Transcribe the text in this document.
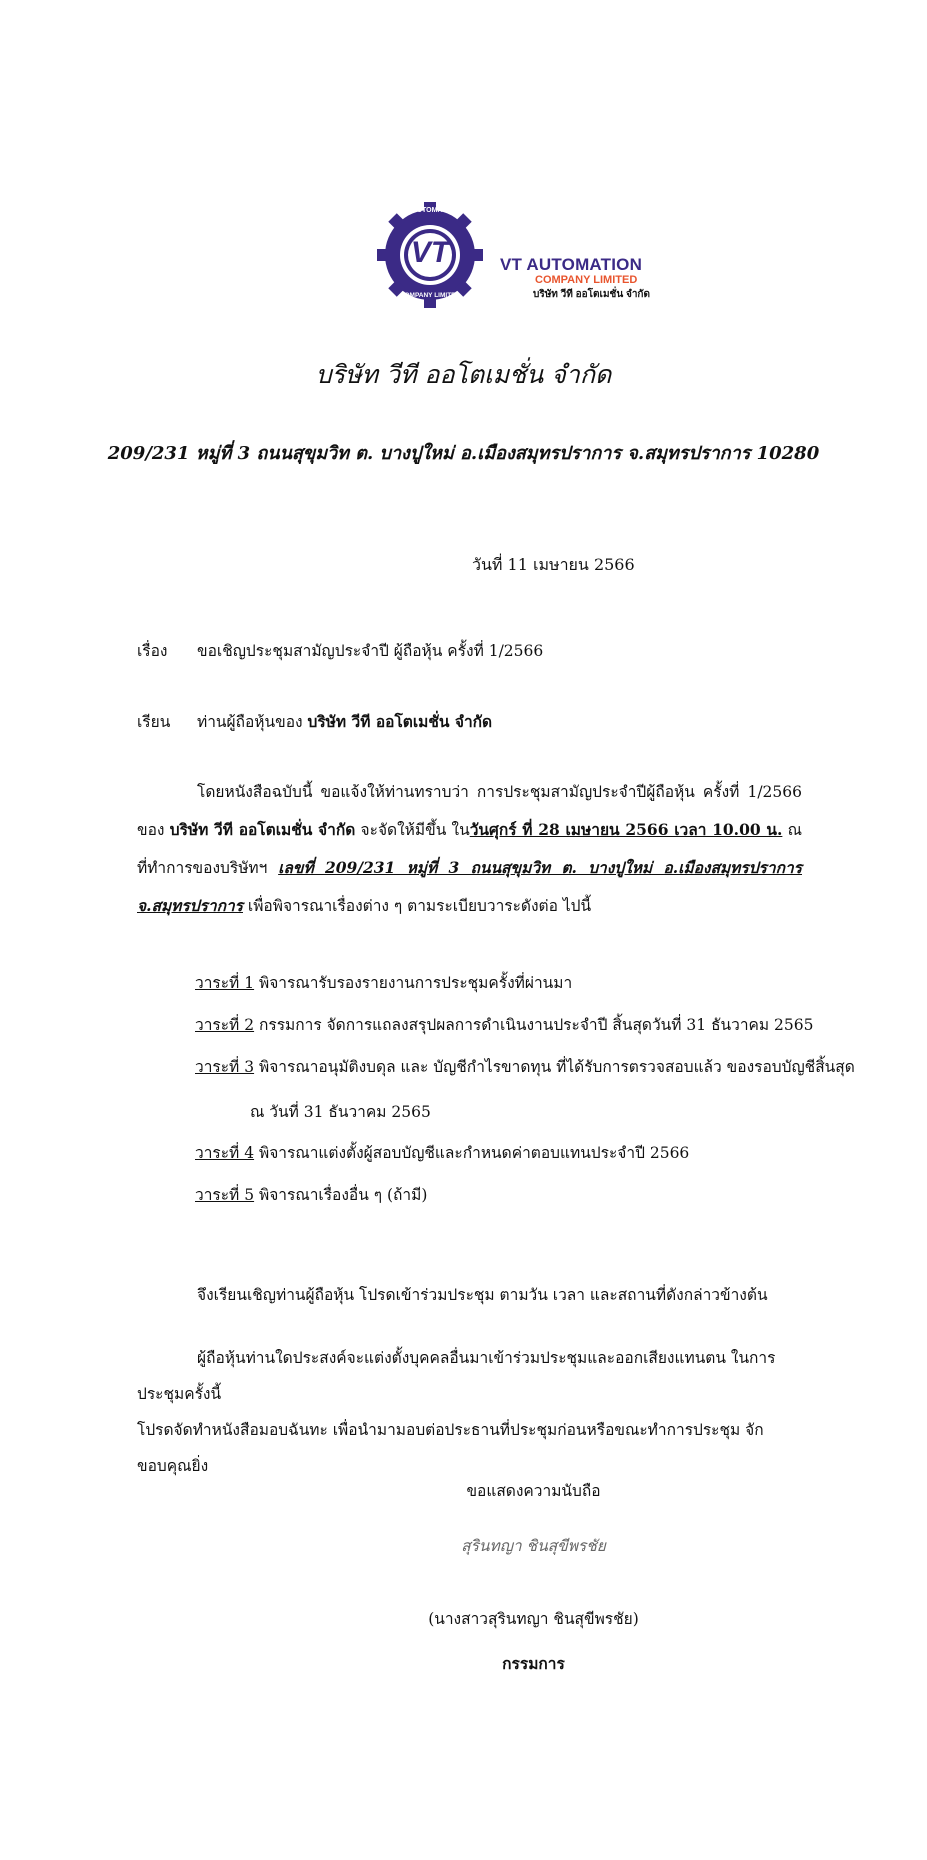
VT
VT AUTOMATION
COMPANY LIMITED
VT AUTOMATION
COMPANY LIMITED
บริษัท วีที ออโตเมชั่น จำกัด
บริษัท วีที ออโตเมชั่น จำกัด
209/231 หมู่ที่ 3 ถนนสุขุมวิท ต. บางปูใหม่ อ.เมืองสมุทรปราการ จ.สมุทรปราการ 10280
วันที่ 11 เมษายน 2566
เรื่อง ขอเชิญประชุมสามัญประจำปี ผู้ถือหุ้น ครั้งที่ 1/2566
เรียน ท่านผู้ถือหุ้นของ บริษัท วีที ออโตเมชั่น จำกัด
โดยหนังสือฉบับนี้ ขอแจ้งให้ท่านทราบว่า การประชุมสามัญประจำปีผู้ถือหุ้น ครั้งที่ 1/2566 ของ บริษัท วีที ออโตเมชั่น จำกัด จะจัดให้มีขึ้น ในวันศุกร์ ที่ 28 เมษายน 2566 เวลา 10.00 น. ณ ที่ทำการของบริษัทฯ เลขที่ 209/231 หมู่ที่ 3 ถนนสุขุมวิท ต. บางปูใหม่ อ.เมืองสมุทรปราการ จ.สมุทรปราการ เพื่อพิจารณาเรื่องต่าง ๆ ตามระเบียบวาระดังต่อ ไปนี้
วาระที่ 1 พิจารณารับรองรายงานการประชุมครั้งที่ผ่านมา
วาระที่ 2 กรรมการ จัดการแถลงสรุปผลการดำเนินงานประจำปี สิ้นสุดวันที่ 31 ธันวาคม 2565
วาระที่ 3 พิจารณาอนุมัติงบดุล และ บัญชีกำไรขาดทุน ที่ได้รับการตรวจสอบแล้ว ของรอบบัญชีสิ้นสุด
ณ วันที่ 31 ธันวาคม 2565
วาระที่ 4 พิจารณาแต่งตั้งผู้สอบบัญชีและกำหนดค่าตอบแทนประจำปี 2566
วาระที่ 5 พิจารณาเรื่องอื่น ๆ (ถ้ามี)
จึงเรียนเชิญท่านผู้ถือหุ้น โปรดเข้าร่วมประชุม ตามวัน เวลา และสถานที่ดังกล่าวข้างต้น
ผู้ถือหุ้นท่านใดประสงค์จะแต่งตั้งบุคคลอื่นมาเข้าร่วมประชุมและออกเสียงแทนตน ในการประชุมครั้งนี้
โปรดจัดทำหนังสือมอบฉันทะ เพื่อนำมามอบต่อประธานที่ประชุมก่อนหรือขณะทำการประชุม จักขอบคุณยิ่ง
ขอแสดงความนับถือ
สุรินทญา ชินสุขีพรชัย
(นางสาวสุรินทญา ชินสุขีพรชัย)
กรรมการ
